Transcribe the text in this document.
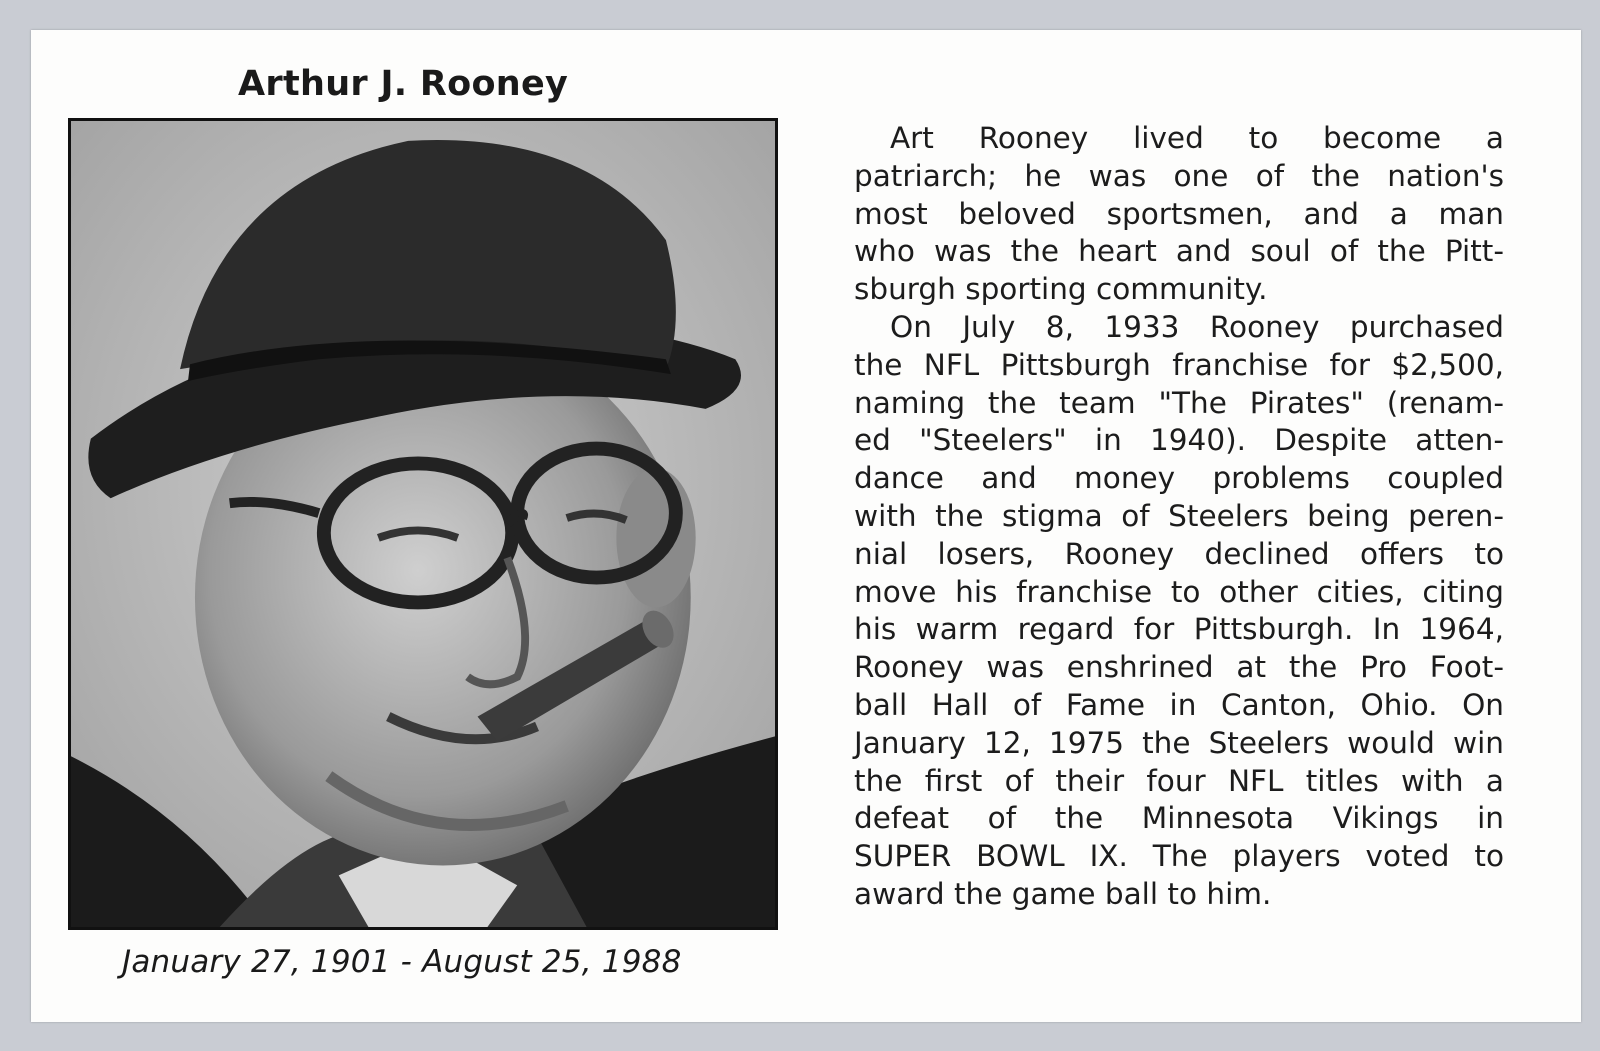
Arthur J. Rooney
January 27, 1901 - August 25, 1988
Art Rooney lived to become a
patriarch; he was one of the nation's
most beloved sportsmen, and a man
who was the heart and soul of the Pitt-
sburgh sporting community.
On July 8, 1933 Rooney purchased
the NFL Pittsburgh franchise for $2,500,
naming the team "The Pirates" (renam-
ed "Steelers" in 1940). Despite atten-
dance and money problems coupled
with the stigma of Steelers being peren-
nial losers, Rooney declined offers to
move his franchise to other cities, citing
his warm regard for Pittsburgh. In 1964,
Rooney was enshrined at the Pro Foot-
ball Hall of Fame in Canton, Ohio. On
January 12, 1975 the Steelers would win
the first of their four NFL titles with a
defeat of the Minnesota Vikings in
SUPER BOWL IX. The players voted to
award the game ball to him.
